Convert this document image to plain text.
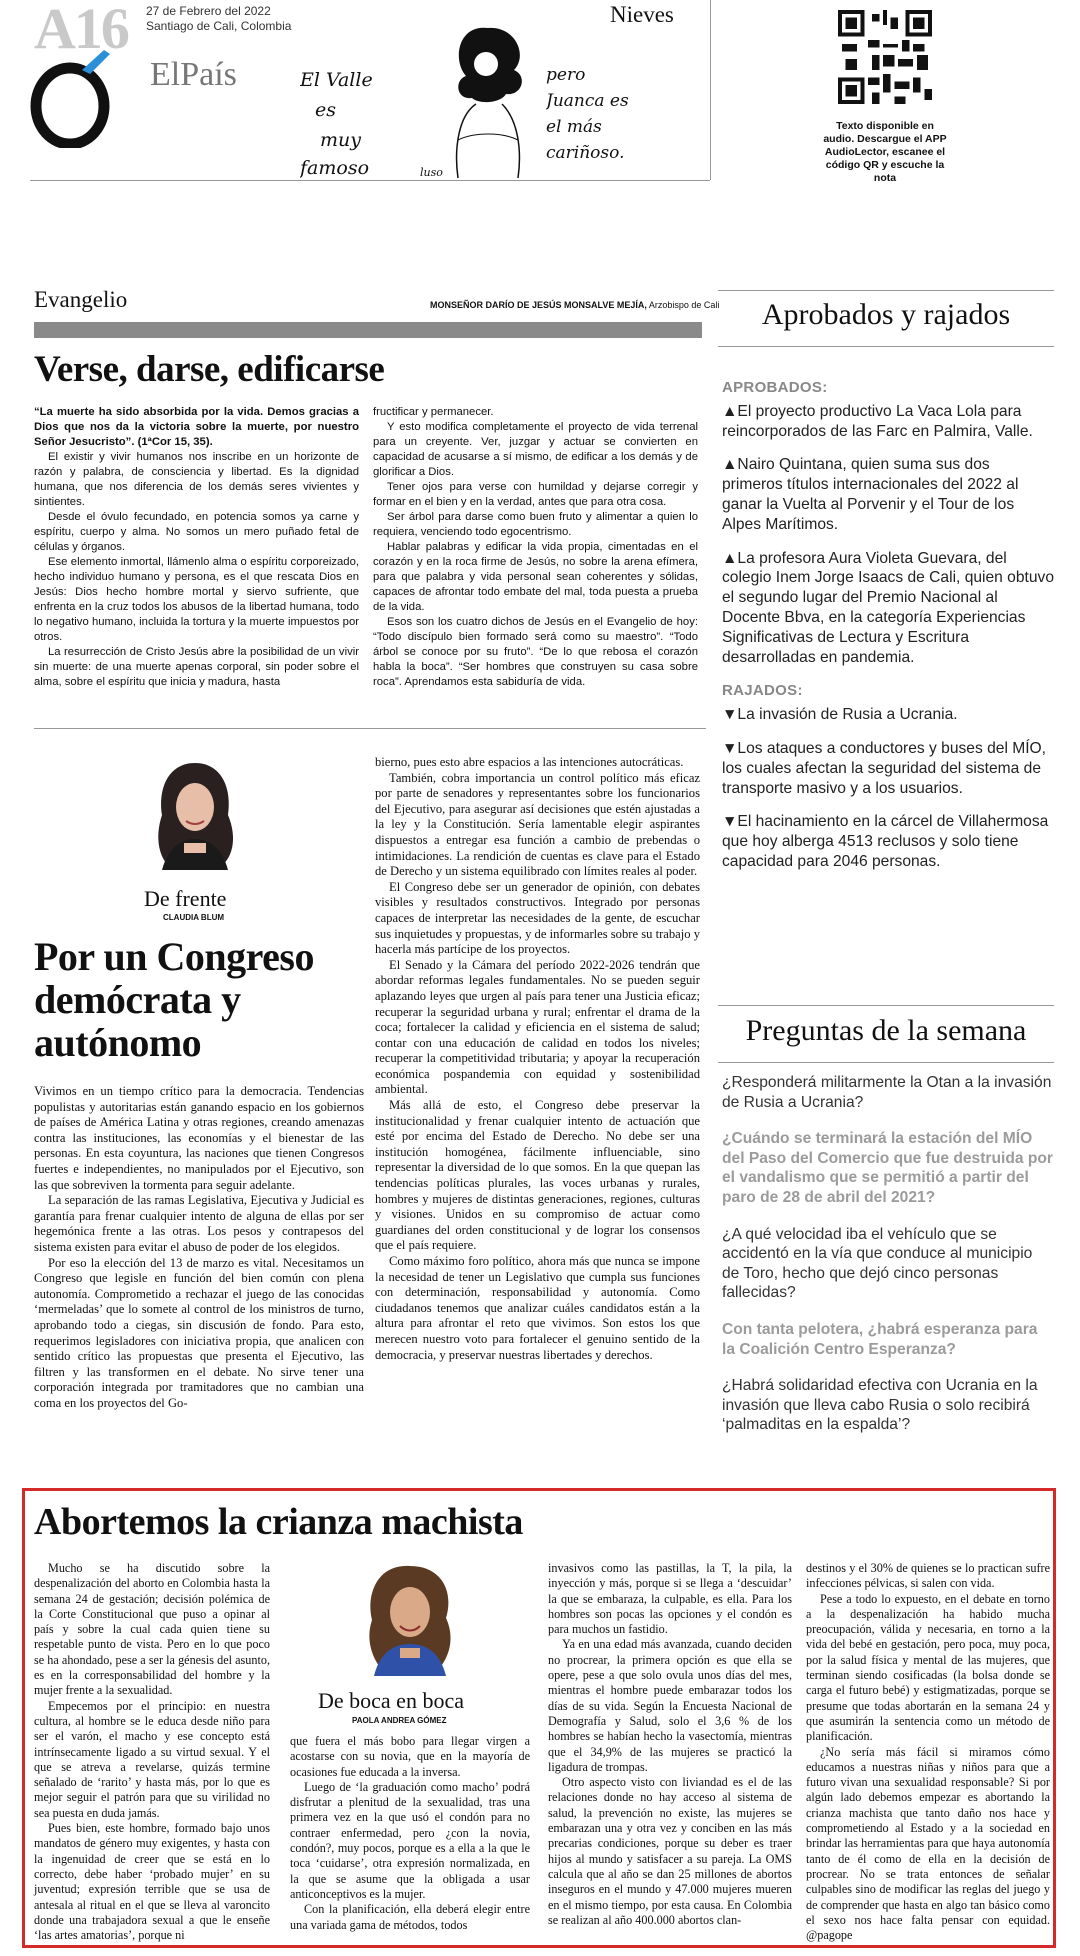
A16 27 de Febrero del 2022 Santiago de Cali, Colombia
ElPaís
Nieves
El Valle
es
muy
famoso	luso
pero
Juanca es
el más
cariñoso.
Texto disponible en audio. Descargue el APP AudioLector, escanee el código QR y escuche la nota
Evangelio	MONSEÑOR DARÍO DE JESÚS MONSALVE MEJÍA, Arzobispo de Cali
Verse, darse, edificarse

“La muerte ha sido absorbida por la vida. Demos gracias a Dios que nos da la victoria sobre la muerte, por nuestro Señor Jesucristo”. (1ªCor 15, 35).

El existir y vivir humanos nos inscribe en un horizonte de razón y palabra, de consciencia y libertad. Es la dignidad humana, que nos diferencia de los demás seres vivientes y sintientes.

Desde el óvulo fecundado, en potencia somos ya carne y espíritu, cuerpo y alma. No somos un mero puñado fetal de células y órganos.

Ese elemento inmortal, llámenlo alma o espíritu corporeizado, hecho individuo humano y persona, es el que rescata Dios en Jesús: Dios hecho hombre mortal y siervo sufriente, que enfrenta en la cruz todos los abusos de la libertad humana, todo lo negativo humano, incluida la tortura y la muerte impuestos por otros.

La resurrección de Cristo Jesús abre la posibilidad de un vivir sin muerte: de una muerte apenas corporal, sin poder sobre el alma, sobre el espíritu que inicia y madura, hasta

fructificar y permanecer.

Y esto modifica completamente el proyecto de vida terrenal para un creyente. Ver, juzgar y actuar se convierten en capacidad de acusarse a sí mismo, de edificar a los demás y de glorificar a Dios.

Tener ojos para verse con humildad y dejarse corregir y formar en el bien y en la verdad, antes que para otra cosa.

Ser árbol para darse como buen fruto y alimentar a quien lo requiera, venciendo todo egocentrismo.

Hablar palabras y edificar la vida propia, cimentadas en el corazón y en la roca firme de Jesús, no sobre la arena efímera, para que palabra y vida personal sean coherentes y sólidas, capaces de afrontar todo embate del mal, toda puesta a prueba de la vida.

Esos son los cuatro dichos de Jesús en el Evangelio de hoy: “Todo discípulo bien formado será como su maestro”. “Todo árbol se conoce por su fruto”. “De lo que rebosa el corazón habla la boca”. “Ser hombres que construyen su casa sobre roca”. Aprendamos esta sabiduría de vida.

De frente
CLAUDIA BLUM
Por un Congreso demócrata y autónomo

Vivimos en un tiempo crítico para la democracia. Tendencias populistas y autoritarias están ganando espacio en los gobiernos de países de América Latina y otras regiones, creando amenazas contra las instituciones, las economías y el bienestar de las personas. En esta coyuntura, las naciones que tienen Congresos fuertes e independientes, no manipulados por el Ejecutivo, son las que sobreviven la tormenta para seguir adelante.

La separación de las ramas Legislativa, Ejecutiva y Judicial es garantía para frenar cualquier intento de alguna de ellas por ser hegemónica frente a las otras. Los pesos y contrapesos del sistema existen para evitar el abuso de poder de los elegidos.

Por eso la elección del 13 de marzo es vital. Necesitamos un Congreso que legisle en función del bien común con plena autonomía. Comprometido a rechazar el juego de las conocidas ‘mermeladas’ que lo somete al control de los ministros de turno, aprobando todo a ciegas, sin discusión de fondo. Para esto, requerimos legisladores con iniciativa propia, que analicen con sentido crítico las propuestas que presenta el Ejecutivo, las filtren y las transformen en el debate. No sirve tener una corporación integrada por tramitadores que no cambian una coma en los proyectos del Go-

bierno, pues esto abre espacios a las intenciones autocráticas.

También, cobra importancia un control político más eficaz por parte de senadores y representantes sobre los funcionarios del Ejecutivo, para asegurar así decisiones que estén ajustadas a la ley y la Constitución. Sería lamentable elegir aspirantes dispuestos a entregar esa función a cambio de prebendas o intimidaciones. La rendición de cuentas es clave para el Estado de Derecho y un sistema equilibrado con límites reales al poder.

El Congreso debe ser un generador de opinión, con debates visibles y resultados constructivos. Integrado por personas capaces de interpretar las necesidades de la gente, de escuchar sus inquietudes y propuestas, y de informarles sobre su trabajo y hacerla más partícipe de los proyectos.

El Senado y la Cámara del período 2022-2026 tendrán que abordar reformas legales fundamentales. No se pueden seguir aplazando leyes que urgen al país para tener una Justicia eficaz; recuperar la seguridad urbana y rural; enfrentar el drama de la coca; fortalecer la calidad y eficiencia en el sistema de salud; contar con una educación de calidad en todos los niveles; recuperar la competitividad tributaria; y apoyar la recuperación económica pospandemia con equidad y sostenibilidad ambiental.

Más allá de esto, el Congreso debe preservar la institucionalidad y frenar cualquier intento de actuación que esté por encima del Estado de Derecho. No debe ser una institución homogénea, fácilmente influenciable, sino representar la diversidad de lo que somos. En la que quepan las tendencias políticas plurales, las voces urbanas y rurales, hombres y mujeres de distintas generaciones, regiones, culturas y visiones. Unidos en su compromiso de actuar como guardianes del orden constitucional y de lograr los consensos que el país requiere.

Como máximo foro político, ahora más que nunca se impone la necesidad de tener un Legislativo que cumpla sus funciones con determinación, responsabilidad y autonomía. Como ciudadanos tenemos que analizar cuáles candidatos están a la altura para afrontar el reto que vivimos. Son estos los que merecen nuestro voto para fortalecer el genuino sentido de la democracia, y preservar nuestras libertades y derechos.

Aprobados y rajados
APROBADOS:
▲El proyecto productivo La Vaca Lola para reincorporados de las Farc en Palmira, Valle.
▲Nairo Quintana, quien suma sus dos primeros títulos internacionales del 2022 al ganar la Vuelta al Porvenir y el Tour de los Alpes Marítimos.
▲La profesora Aura Violeta Guevara, del colegio Inem Jorge Isaacs de Cali, quien obtuvo el segundo lugar del Premio Nacional al Docente Bbva, en la categoría Experiencias Significativas de Lectura y Escritura desarrolladas en pandemia.
RAJADOS:
▼La invasión de Rusia a Ucrania.
▼Los ataques a conductores y buses del MÍO, los cuales afectan la seguridad del sistema de transporte masivo y a los usuarios.
▼El hacinamiento en la cárcel de Villahermosa que hoy alberga 4513 reclusos y solo tiene capacidad para 2046 personas.
Preguntas de la semana
¿Responderá militarmente la Otan a la invasión de Rusia a Ucrania?
¿Cuándo se terminará la estación del MÍO del Paso del Comercio que fue destruida por el vandalismo que se permitió a partir del paro de 28 de abril del 2021?
¿A qué velocidad iba el vehículo que se accidentó en la vía que conduce al municipio de Toro, hecho que dejó cinco personas fallecidas?
Con tanta pelotera, ¿habrá esperanza para la Coalición Centro Esperanza?
¿Habrá solidaridad efectiva con Ucrania en la invasión que lleva cabo Rusia o solo recibirá ‘palmaditas en la espalda’?
Abortemos la crianza machista

Mucho se ha discutido sobre la despenalización del aborto en Colombia hasta la semana 24 de gestación; decisión polémica de la Corte Constitucional que puso a opinar al país y sobre la cual cada quien tiene su respetable punto de vista. Pero en lo que poco se ha ahondado, pese a ser la génesis del asunto, es en la corresponsabilidad del hombre y la mujer frente a la sexualidad.

Empecemos por el principio: en nuestra cultura, al hombre se le educa desde niño para ser el varón, el macho y ese concepto está intrínsecamente ligado a su virtud sexual. Y el que se atreva a revelarse, quizás termine señalado de ‘rarito’ y hasta más, por lo que es mejor seguir el patrón para que su virilidad no sea puesta en duda jamás.

Pues bien, este hombre, formado bajo unos mandatos de género muy exigentes, y hasta con la ingenuidad de creer que se está en lo correcto, debe haber ‘probado mujer’ en su juventud; expresión terrible que se usa de antesala al ritual en el que se lleva al varoncito donde una trabajadora sexual a que le enseñe ‘las artes amatorias’, porque ni

De boca en boca
PAOLA ANDREA GÓMEZ

que fuera el más bobo para llegar virgen a acostarse con su novia, que en la mayoría de ocasiones fue educada a la inversa.

Luego de ‘la graduación como macho’ podrá disfrutar a plenitud de la sexualidad, tras una primera vez en la que usó el condón para no contraer enfermedad, pero ¿con la novia, condón?, muy pocos, porque es a ella a la que le toca ‘cuidarse’, otra expresión normalizada, en la que se asume que la obligada a usar anticonceptivos es la mujer.

Con la planificación, ella deberá elegir entre una variada gama de métodos, todos

invasivos como las pastillas, la T, la pila, la inyección y más, porque si se llega a ‘descuidar’ la que se embaraza, la culpable, es ella. Para los hombres son pocas las opciones y el condón es para muchos un fastidio.

Ya en una edad más avanzada, cuando deciden no procrear, la primera opción es que ella se opere, pese a que solo ovula unos días del mes, mientras el hombre puede embarazar todos los días de su vida. Según la Encuesta Nacional de Demografía y Salud, solo el 3,6 % de los hombres se habían hecho la vasectomía, mientras que el 34,9% de las mujeres se practicó la ligadura de trompas.

Otro aspecto visto con liviandad es el de las relaciones donde no hay acceso al sistema de salud, la prevención no existe, las mujeres se embarazan una y otra vez y conciben en las más precarias condiciones, porque su deber es traer hijos al mundo y satisfacer a su pareja. La OMS calcula que al año se dan 25 millones de abortos inseguros en el mundo y 47.000 mujeres mueren en el mismo tiempo, por esta causa. En Colombia se realizan al año 400.000 abortos clan-

destinos y el 30% de quienes se lo practican sufre infecciones pélvicas, si salen con vida.

Pese a todo lo expuesto, en el debate en torno a la despenalización ha habido mucha preocupación, válida y necesaria, en torno a la vida del bebé en gestación, pero poca, muy poca, por la salud física y mental de las mujeres, que terminan siendo cosificadas (la bolsa donde se carga el futuro bebé) y estigmatizadas, porque se presume que todas abortarán en la semana 24 y que asumirán la sentencia como un método de planificación.

¿No sería más fácil si miramos cómo educamos a nuestras niñas y niños para que a futuro vivan una sexualidad responsable? Si por algún lado debemos empezar es abortando la crianza machista que tanto daño nos hace y comprometiendo al Estado y a la sociedad en brindar las herramientas para que haya autonomía tanto de él como de ella en la decisión de procrear. No se trata entonces de señalar culpables sino de modificar las reglas del juego y de comprender que hasta en algo tan básico como el sexo nos hace falta pensar con equidad. @pagope
